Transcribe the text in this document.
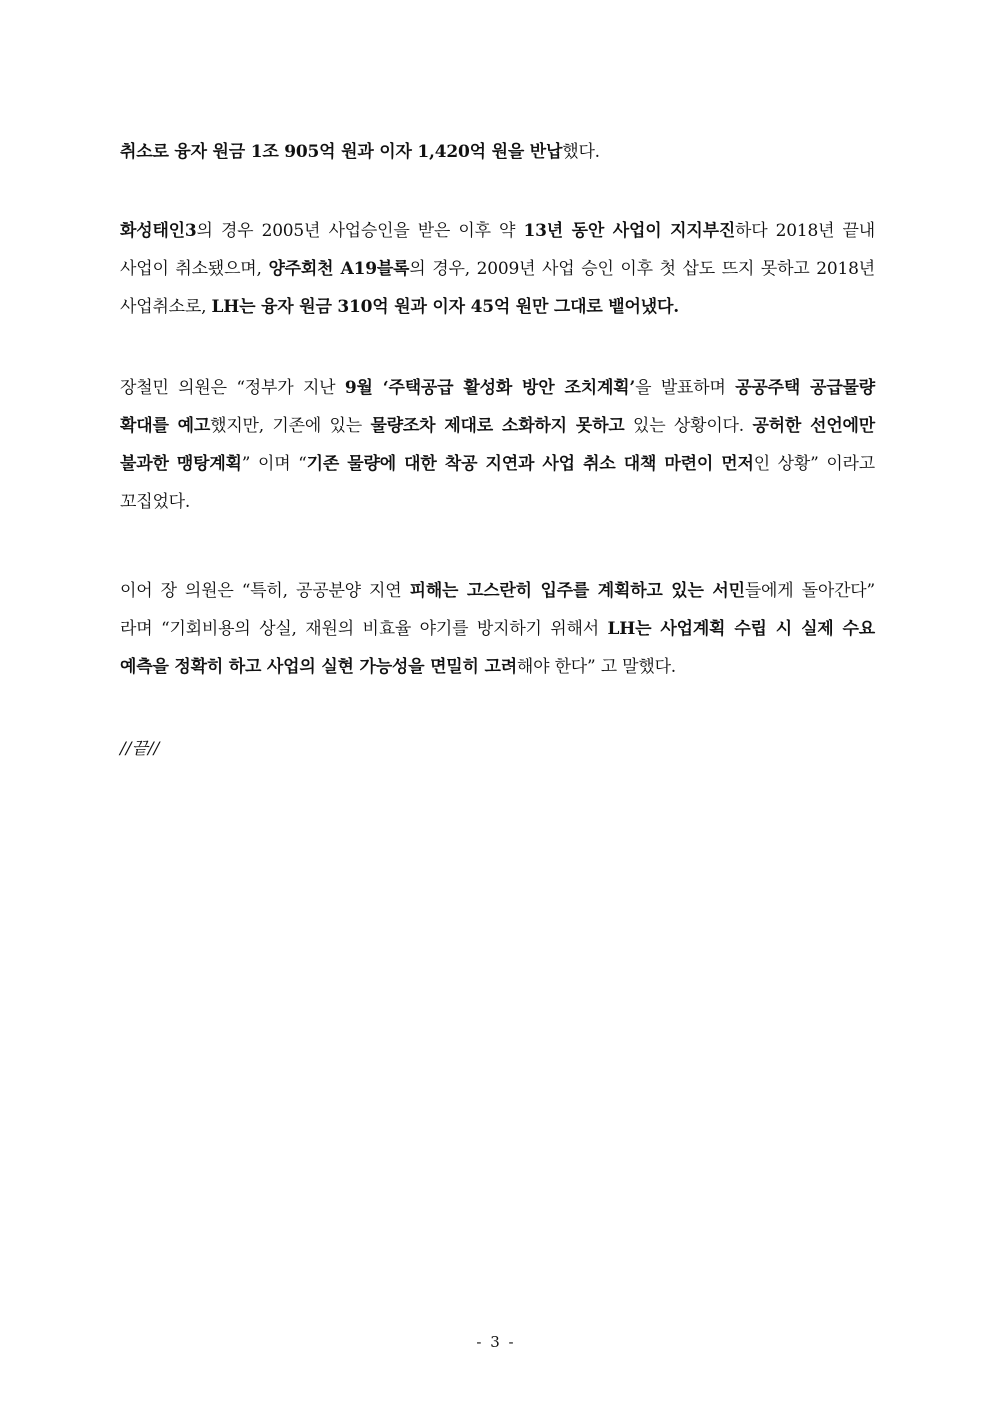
취소로 융자 원금 1조 905억 원과 이자 1,420억 원을 반납했다.
화성태인3의 경우 2005년 사업승인을 받은 이후 약 13년 동안 사업이 지지부진하다 2018년 끝내 사업이 취소됐으며, 양주회천 A19블록의 경우, 2009년 사업 승인 이후 첫 삽도 뜨지 못하고 2018년 사업취소로, LH는 융자 원금 310억 원과 이자 45억 원만 그대로 뱉어냈다.
장철민 의원은 “정부가 지난 9월 ‘주택공급 활성화 방안 조치계획’을 발표하며 공공주택 공급물량 확대를 예고했지만, 기존에 있는 물량조차 제대로 소화하지 못하고 있는 상황이다. 공허한 선언에만 불과한 맹탕계획” 이며 “기존 물량에 대한 착공 지연과 사업 취소 대책 마련이 먼저인 상황” 이라고 꼬집었다.
이어 장 의원은 “특히, 공공분양 지연 피해는 고스란히 입주를 계획하고 있는 서민들에게 돌아간다” 라며 “기회비용의 상실, 재원의 비효율 야기를 방지하기 위해서 LH는 사업계획 수립 시 실제 수요 예측을 정확히 하고 사업의 실현 가능성을 면밀히 고려해야 한다” 고 말했다.
//끝//
- 3 -
